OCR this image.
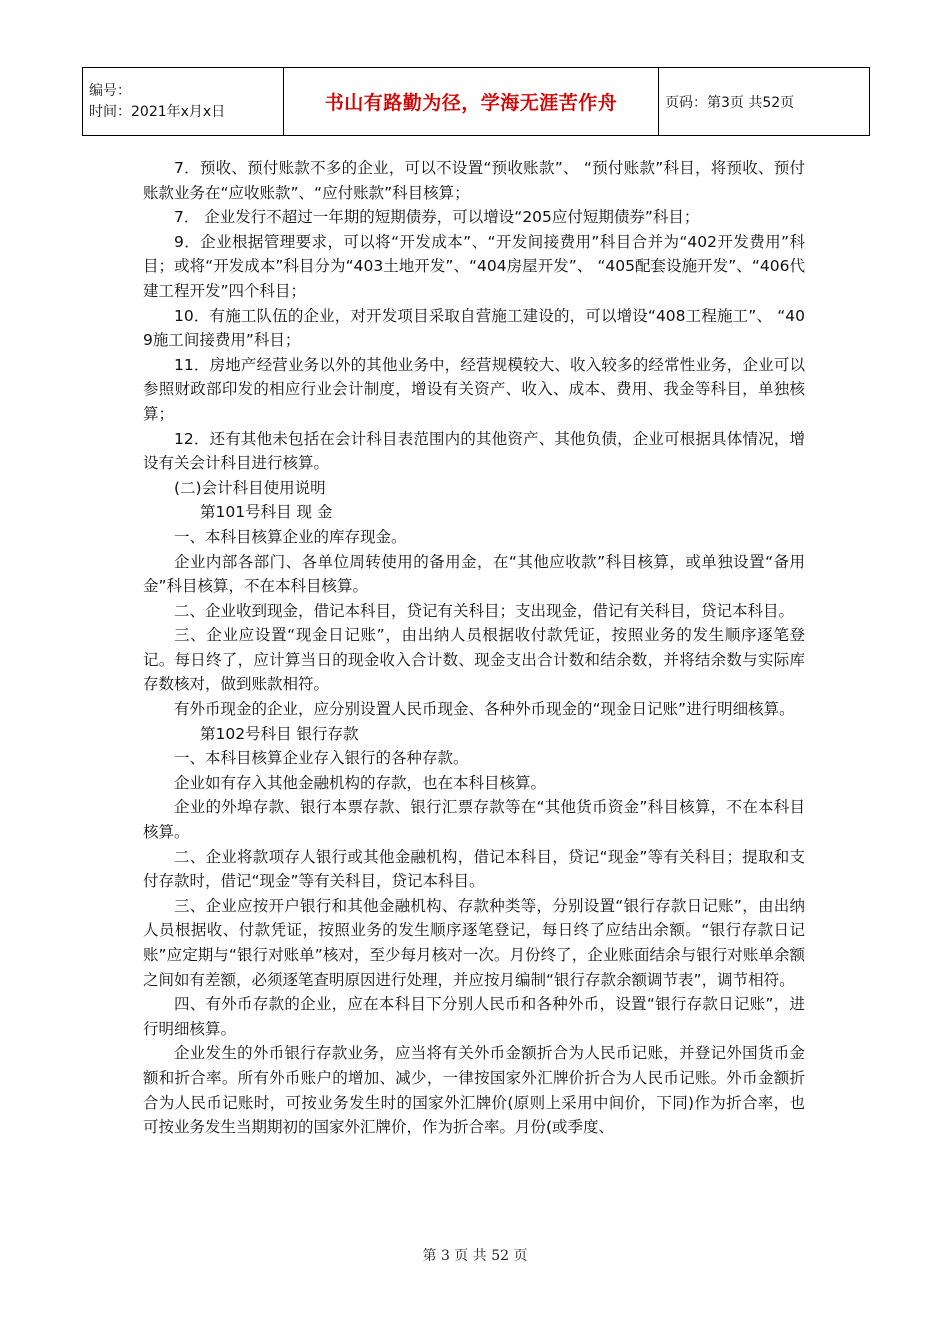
编号：
时间：2021年x月x日	书山有路勤为径，学海无涯苦作舟	页码：第3页 共52页

7．预收、预付账款不多的企业，可以不设置“预收账款”、 “预付账款”科目，将预收、预付账款业务在“应收账款”、“应付账款”科目核算；

7． 企业发行不超过一年期的短期债券，可以增设“205应付短期债券”科目；

9．企业根据管理要求，可以将“开发成本”、“开发间接费用”科目合并为“402开发费用”科目；或将“开发成本”科目分为“403土地开发”、“404房屋开发”、 “405配套设施开发”、“406代建工程开发”四个科目；

10．有施工队伍的企业，对开发项目采取自营施工建设的，可以增设“408工程施工”、 “409施工间接费用”科目；

11．房地产经营业务以外的其他业务中，经营规模较大、收入较多的经常性业务，企业可以参照财政部印发的相应行业会计制度，增设有关资产、收入、成本、费用、我金等科目，单独核算；

12．还有其他未包括在会计科目表范围内的其他资产、其他负债，企业可根据具体情况，增设有关会计科目进行核算。

(二)会计科目使用说明

第101号科目 现 金

一、本科目核算企业的库存现金。

企业内部各部门、各单位周转使用的备用金，在“其他应收款”科目核算，或单独设置“备用金”科目核算，不在本科目核算。

二、企业收到现金，借记本科目，贷记有关科目；支出现金，借记有关科目，贷记本科目。

三、企业应设置“现金日记账”，由出纳人员根据收付款凭证，按照业务的发生顺序逐笔登记。每日终了，应计算当日的现金收入合计数、现金支出合计数和结余数，并将结余数与实际库存数核对，做到账款相符。

有外币现金的企业，应分别设置人民币现金、各种外币现金的“现金日记账”进行明细核算。

第102号科目 银行存款

一、本科目核算企业存入银行的各种存款。

企业如有存入其他金融机构的存款，也在本科目核算。

企业的外埠存款、银行本票存款、银行汇票存款等在“其他货币资金”科目核算，不在本科目核算。

二、企业将款项存人银行或其他金融机构，借记本科目，贷记“现金”等有关科目；提取和支付存款时，借记“现金”等有关科目，贷记本科目。

三、企业应按开户银行和其他金融机构、存款种类等，分别设置“银行存款日记账”，由出纳人员根据收、付款凭证，按照业务的发生顺序逐笔登记，每日终了应结出余额。“银行存款日记账”应定期与“银行对账单”核对，至少每月核对一次。月份终了，企业账面结余与银行对账单余额之间如有差额，必须逐笔查明原因进行处理，并应按月编制“银行存款余额调节表”，调节相符。

四、有外币存款的企业，应在本科目下分别人民币和各种外币，设置“银行存款日记账”，进行明细核算。

企业发生的外币银行存款业务，应当将有关外币金额折合为人民币记账，并登记外国货币金额和折合率。所有外币账户的增加、减少，一律按国家外汇牌价折合为人民币记账。外币金额折合为人民币记账时，可按业务发生时的国家外汇牌价(原则上采用中间价，下同)作为折合率，也可按业务发生当期期初的国家外汇牌价，作为折合率。月份(或季度、

第 3 页 共 52 页
